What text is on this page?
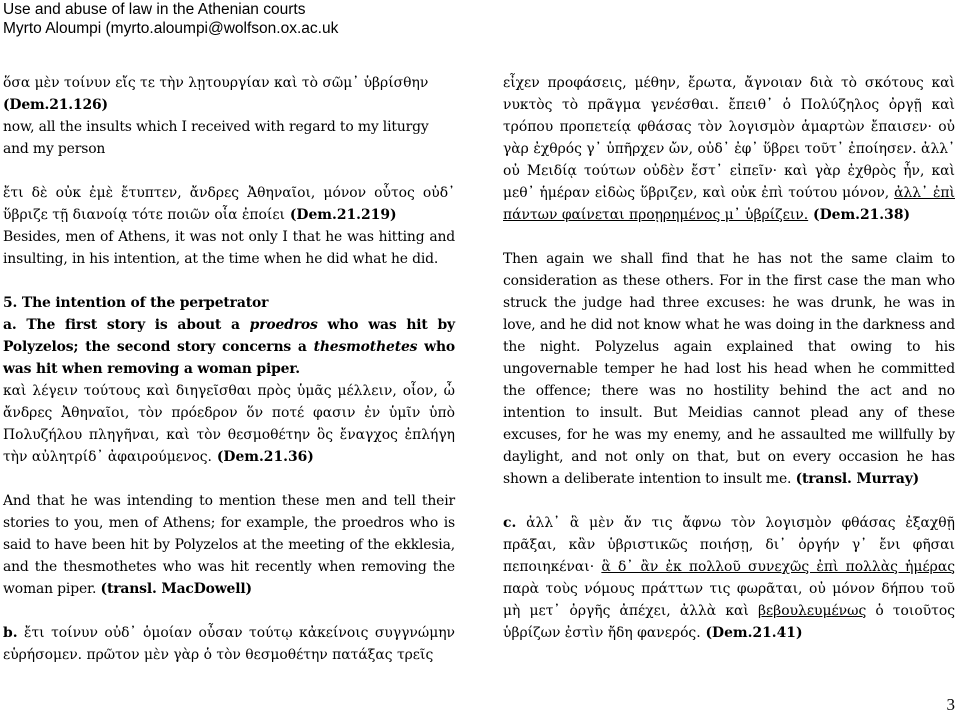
Use and abuse of law in the Athenian courts
Myrto Aloumpi (myrto.aloumpi@wolfson.ox.ac.uk

ὅσα μὲν τοίνυν εἴς τε τὴν λῃτουργίαν καὶ τὸ σῶμ᾽ ὑβρίσθην

(Dem.21.126)

now, all the insults which I received with regard to my liturgy and my person

ἔτι δὲ οὐκ ἐμὲ ἔτυπτεν, ἄνδρες Ἀθηναῖοι, μόνον οὗτος οὐδ᾽ ὕβριζε τῇ διανοίᾳ τότε ποιῶν οἷα ἐποίει (Dem.21.219)

Besides, men of Athens, it was not only I that he was hitting and insulting, in his intention, at the time when he did what he did.

5. The intention of the perpetrator

a. The first story is about a proedros who was hit by Polyzelos; the second story concerns a thesmothetes who was hit when removing a woman piper.

καὶ λέγειν τούτους καὶ διηγεῖσθαι πρὸς ὑμᾶς μέλλειν, οἷον, ὦ ἄνδρες Ἀθηναῖοι, τὸν πρόεδρον ὅν ποτέ φασιν ἐν ὑμῖν ὑπὸ Πολυζήλου πληγῆναι, καὶ τὸν θεσμοθέτην ὃς ἔναγχος ἐπλήγη τὴν αὐλητρίδ᾽ ἀφαιρούμενος. (Dem.21.36)

And that he was intending to mention these men and tell their stories to you, men of Athens; for example, the proedros who is said to have been hit by Polyzelos at the meeting of the ekklesia, and the thesmothetes who was hit recently when removing the woman piper. (transl. MacDowell)

b. ἔτι τοίνυν οὐδ᾽ ὁμοίαν οὖσαν τούτῳ κἀκείνοις συγγνώμην εὑρήσομεν. πρῶτον μὲν γὰρ ὁ τὸν θεσμοθέτην πατάξας τρεῖς

εἶχεν προφάσεις, μέθην, ἔρωτα, ἄγνοιαν διὰ τὸ σκότους καὶ νυκτὸς τὸ πρᾶγμα γενέσθαι. ἔπειθ᾽ ὁ Πολύζηλος ὀργῇ καὶ τρόπου προπετείᾳ φθάσας τὸν λογισμὸν ἁμαρτὼν ἔπαισεν· οὐ γὰρ ἐχθρός γ᾽ ὑπῆρχεν ὤν, οὐδ᾽ ἐφ᾽ ὕβρει τοῦτ᾽ ἐποίησεν. ἀλλ᾽ οὐ Μειδίᾳ τούτων οὐδὲν ἔστ᾽ εἰπεῖν· καὶ γὰρ ἐχθρὸς ἦν, καὶ μεθ᾽ ἡμέραν εἰδὼς ὕβριζεν, καὶ οὐκ ἐπὶ τούτου μόνον, ἀλλ᾽ ἐπὶ πάντων φαίνεται προῃρημένος μ᾽ ὑβρίζειν. (Dem.21.38)

Then again we shall find that he has not the same claim to consideration as these others. For in the first case the man who struck the judge had three excuses: he was drunk, he was in love, and he did not know what he was doing in the darkness and the night. Polyzelus again explained that owing to his ungovernable temper he had lost his head when he committed the offence; there was no hostility behind the act and no intention to insult. But Meidias cannot plead any of these excuses, for he was my enemy, and he assaulted me willfully by daylight, and not only on that, but on every occasion he has shown a deliberate intention to insult me. (transl. Murray)

c. ἀλλ᾽ ἃ μὲν ἄν τις ἄφνω τὸν λογισμὸν φθάσας ἐξαχθῇ πρᾶξαι, κἂν ὑβριστικῶς ποιήσῃ, δι᾽ ὀργήν γ᾽ ἔνι φῆσαι πεποιηκέναι· ἃ δ᾽ ἂν ἐκ πολλοῦ συνεχῶς ἐπὶ πολλὰς ἡμέρας παρὰ τοὺς νόμους πράττων τις φωρᾶται, οὐ μόνον δήπου τοῦ μὴ μετ᾽ ὀργῆς ἀπέχει, ἀλλὰ καὶ βεβουλευμένως ὁ τοιοῦτος ὑβρίζων ἐστὶν ἤδη φανερός. (Dem.21.41)

3
